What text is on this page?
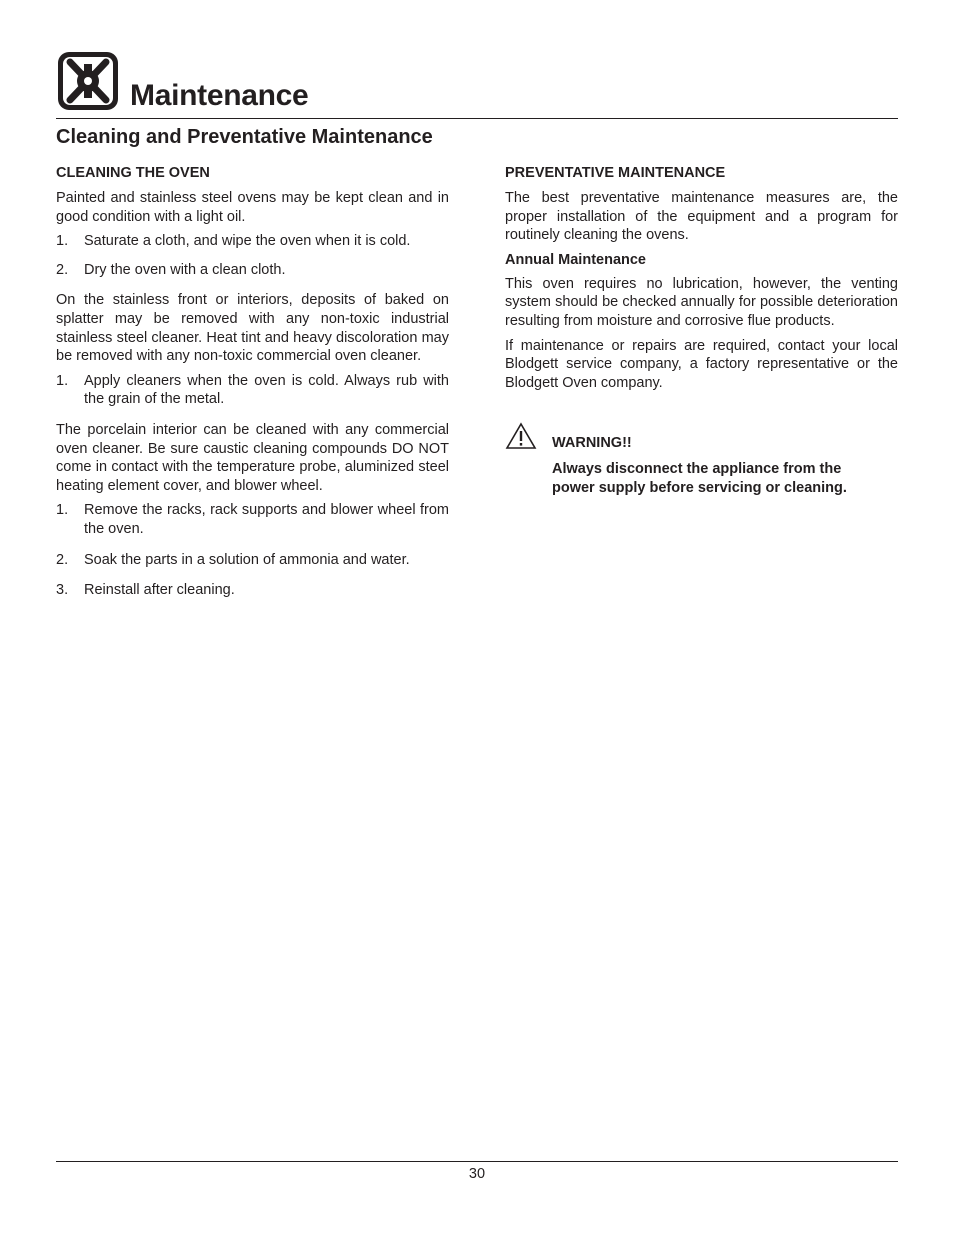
Maintenance
Cleaning and Preventative Maintenance

CLEANING THE OVEN

Painted and stainless steel ovens may be kept clean and in good condition with a light oil.

1.	Saturate a cloth, and wipe the oven when it is cold.
2.	Dry the oven with a clean cloth.

On the stainless front or interiors, deposits of baked on splatter may be removed with any non-toxic industrial stainless steel cleaner. Heat tint and heavy discoloration may be removed with any non-toxic commercial oven cleaner.

1.	Apply cleaners when the oven is cold. Always rub with the grain of the metal.

The porcelain interior can be cleaned with any commercial oven cleaner. Be sure caustic cleaning compounds DO NOT come in contact with the temperature probe, aluminized steel heating element cover, and blower wheel.

1.	Remove the racks, rack supports and blower wheel from the oven.
2.	Soak the parts in a solution of ammonia and water.
3.	Reinstall after cleaning.

PREVENTATIVE MAINTENANCE

The best preventative maintenance measures are, the proper installation of the equipment and a program for routinely cleaning the ovens.

Annual Maintenance

This oven requires no lubrication, however, the venting system should be checked annually for possible deterioration resulting from moisture and corrosive flue products.

If maintenance or repairs are required, contact your local Blodgett service company, a factory representative or the Blodgett Oven company.

WARNING!!

Always disconnect the appliance from the power supply before servicing or cleaning.

30
